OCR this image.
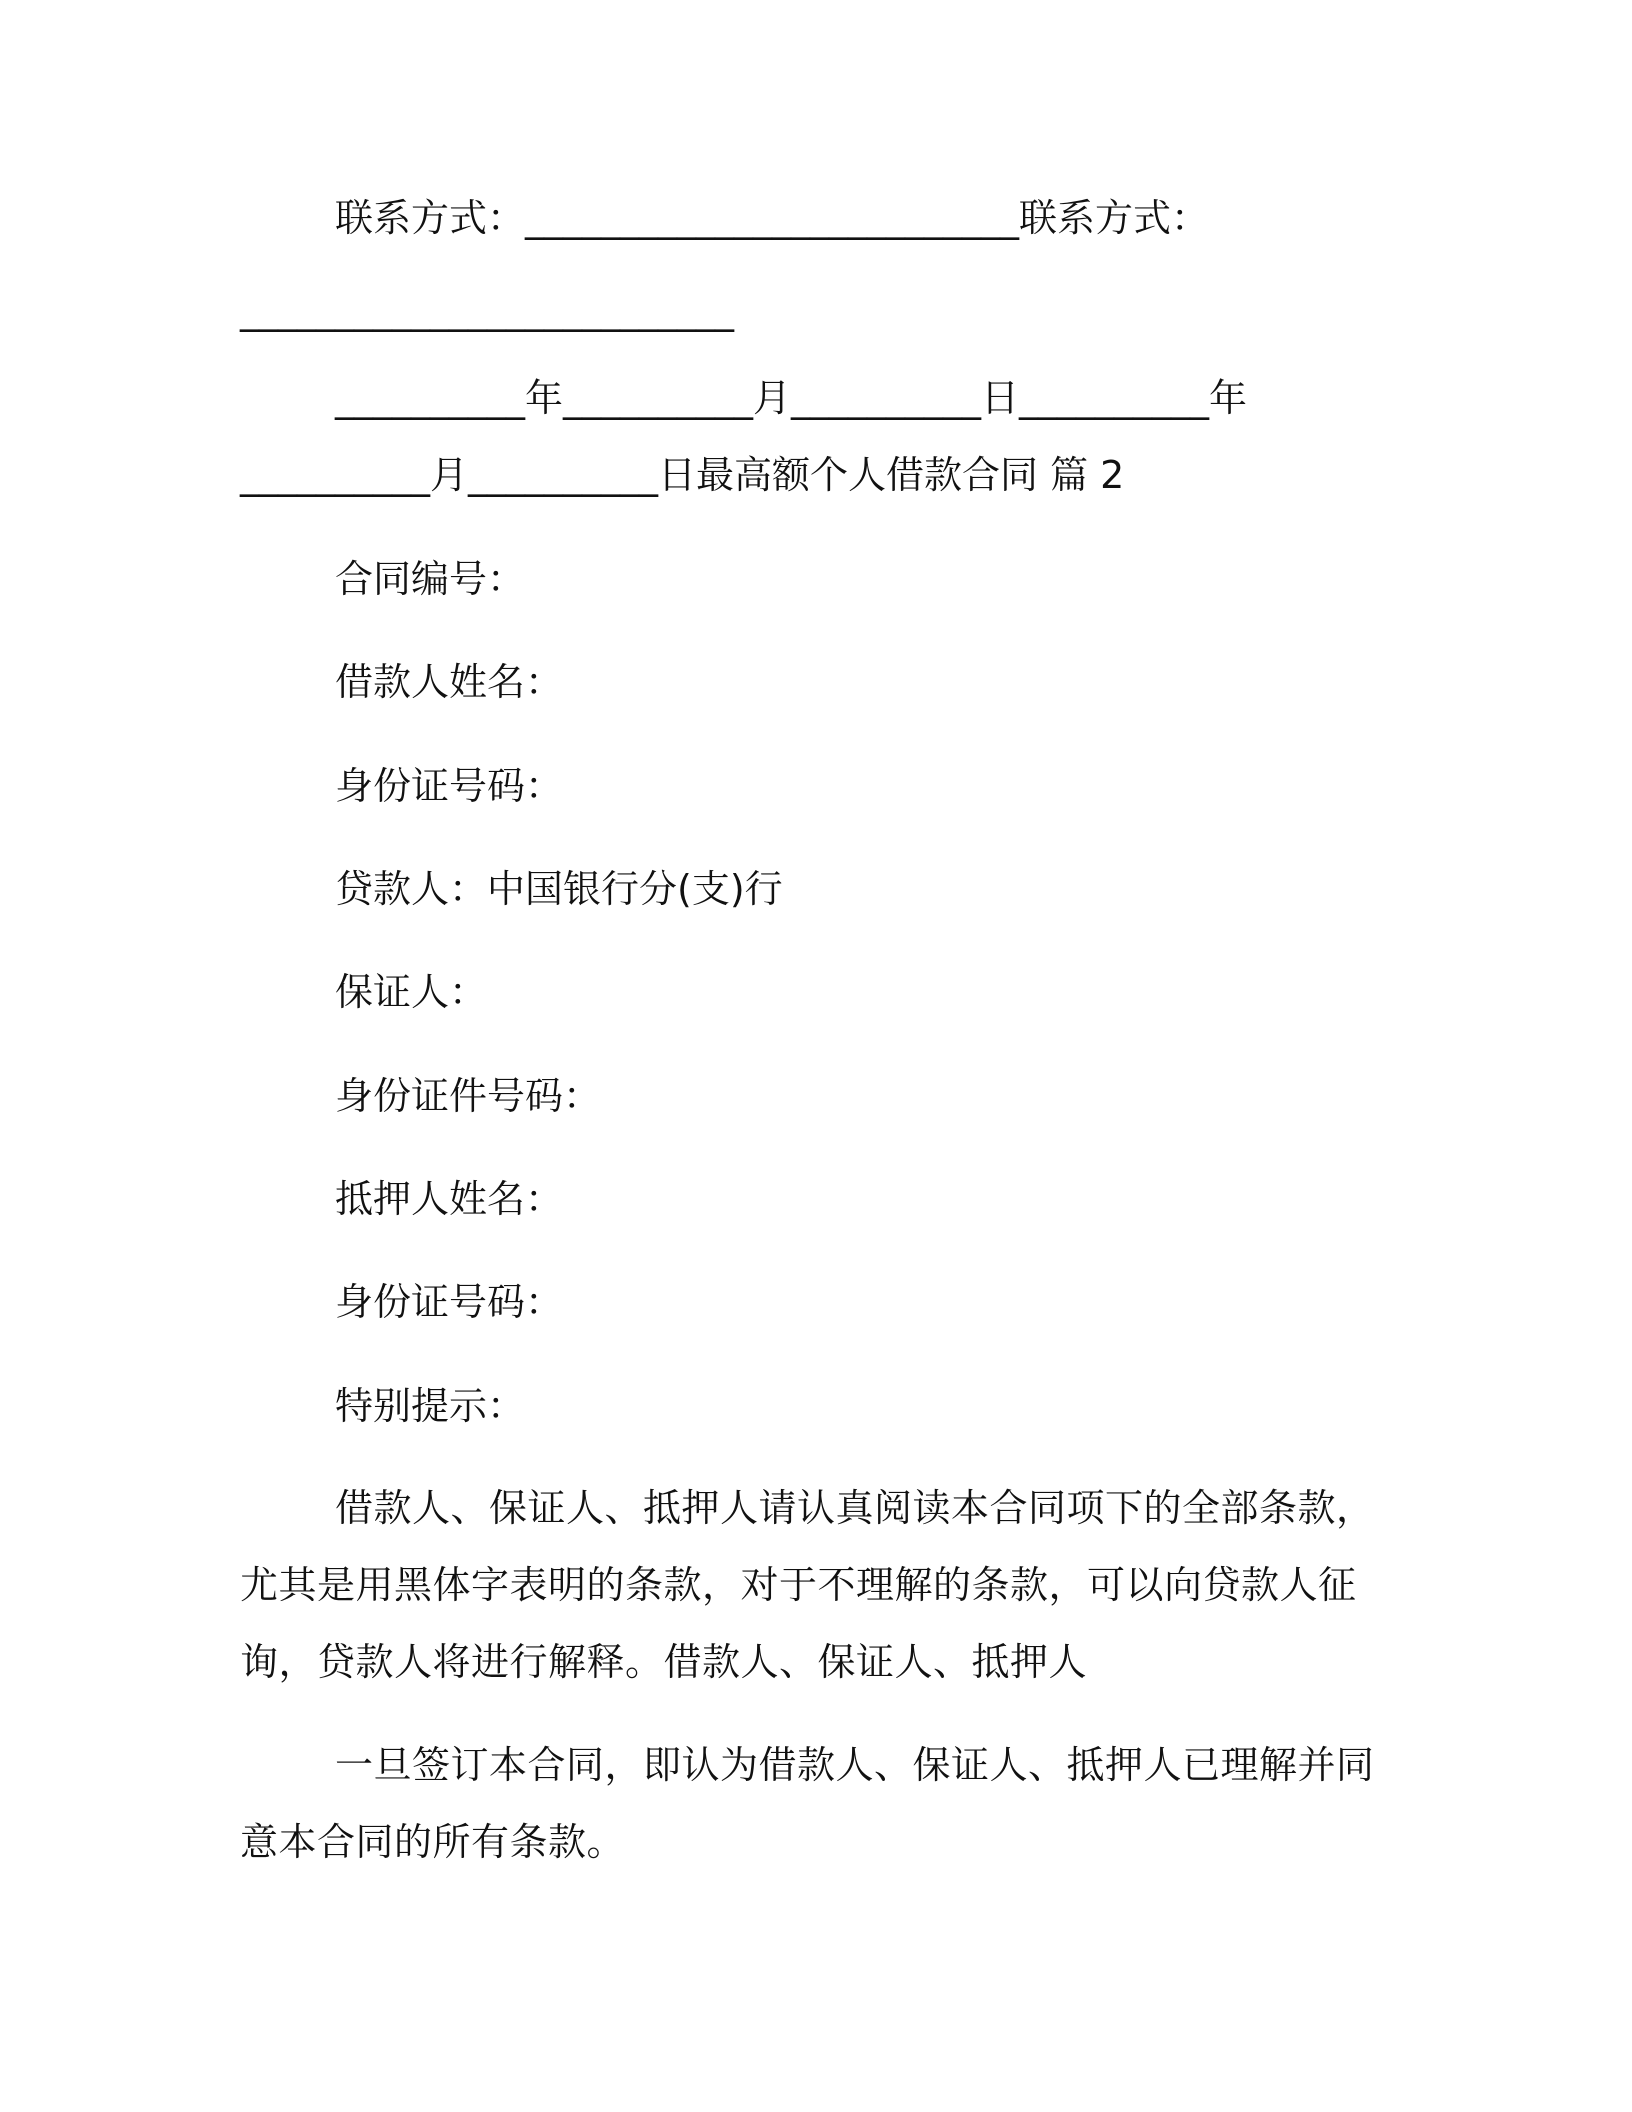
联系方式：__________________________联系方式：
__________________________
__________年__________月__________日__________年
__________月__________日最高额个人借款合同 篇 2
合同编号：
借款人姓名：
身份证号码：
贷款人：中国银行分(支)行
保证人：
身份证件号码：
抵押人姓名：
身份证号码：
特别提示：
借款人、保证人、抵押人请认真阅读本合同项下的全部条款，尤其是用黑体字表明的条款，对于不理解的条款，可以向贷款人征询，贷款人将进行解释。借款人、保证人、抵押人
一旦签订本合同，即认为借款人、保证人、抵押人已理解并同意本合同的所有条款。
